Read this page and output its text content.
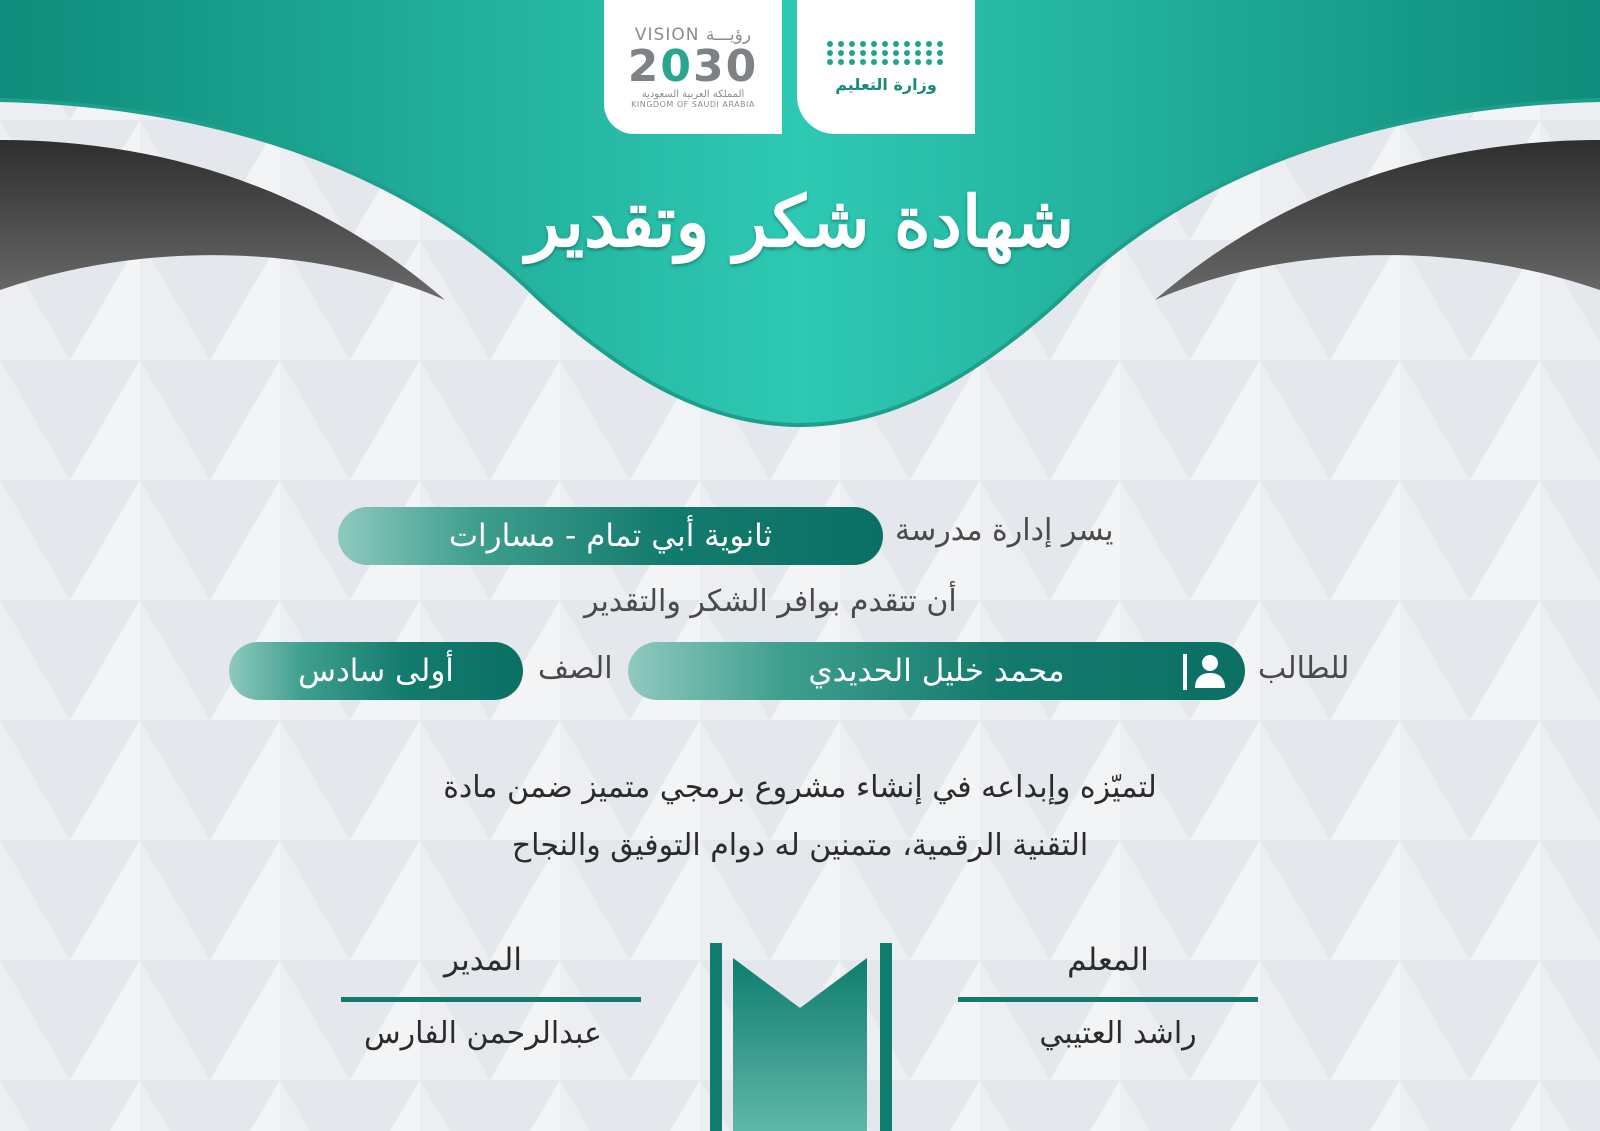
وزارة التعليم
VISION رؤيـــة
2030
المملكة العربية السعودية
KINGDOM OF SAUDI ARABIA
شهادة شكر وتقدير
يسر إدارة مدرسة
ثانوية أبي تمام - مسارات
أن تتقدم بوافر الشكر والتقدير
للطالب
محمد خليل الحديدي
الصف
أولى سادس
لتميّزه وإبداعه في إنشاء مشروع برمجي متميز ضمن مادة
التقنية الرقمية، متمنين له دوام التوفيق والنجاح
المعلم
راشد العتيبي
المدير
عبدالرحمن الفارس
